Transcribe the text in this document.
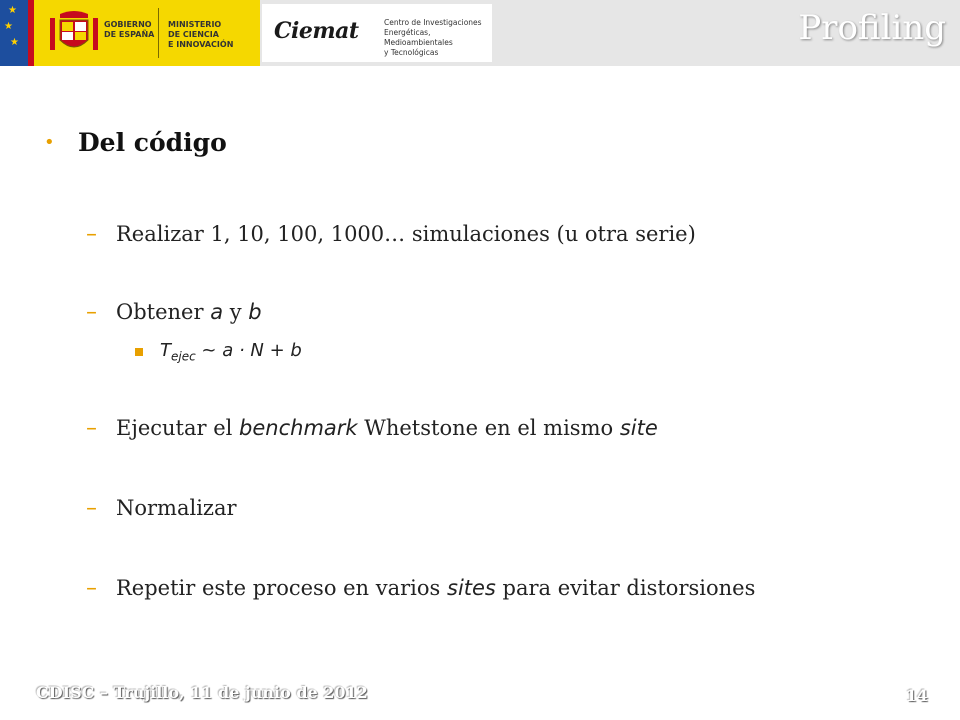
★
★
★
GOBIERNO
DE ESPAÑA
MINISTERIO
DE CIENCIA
E INNOVACIÓN
Ciemat	Centro de Investigaciones
Energéticas, Medioambientales
y Tecnológicas
Profiling
• Del código
– Realizar 1, 10, 100, 1000… simulaciones (u otra serie)
– Obtener a y b
$T_{ejec}$ ~ a · N + b
– Ejecutar el benchmark Whetstone en el mismo site
– Normalizar
– Repetir este proceso en varios sites para evitar distorsiones
CDISC – Trujillo, 11 de junio de 2012	14
